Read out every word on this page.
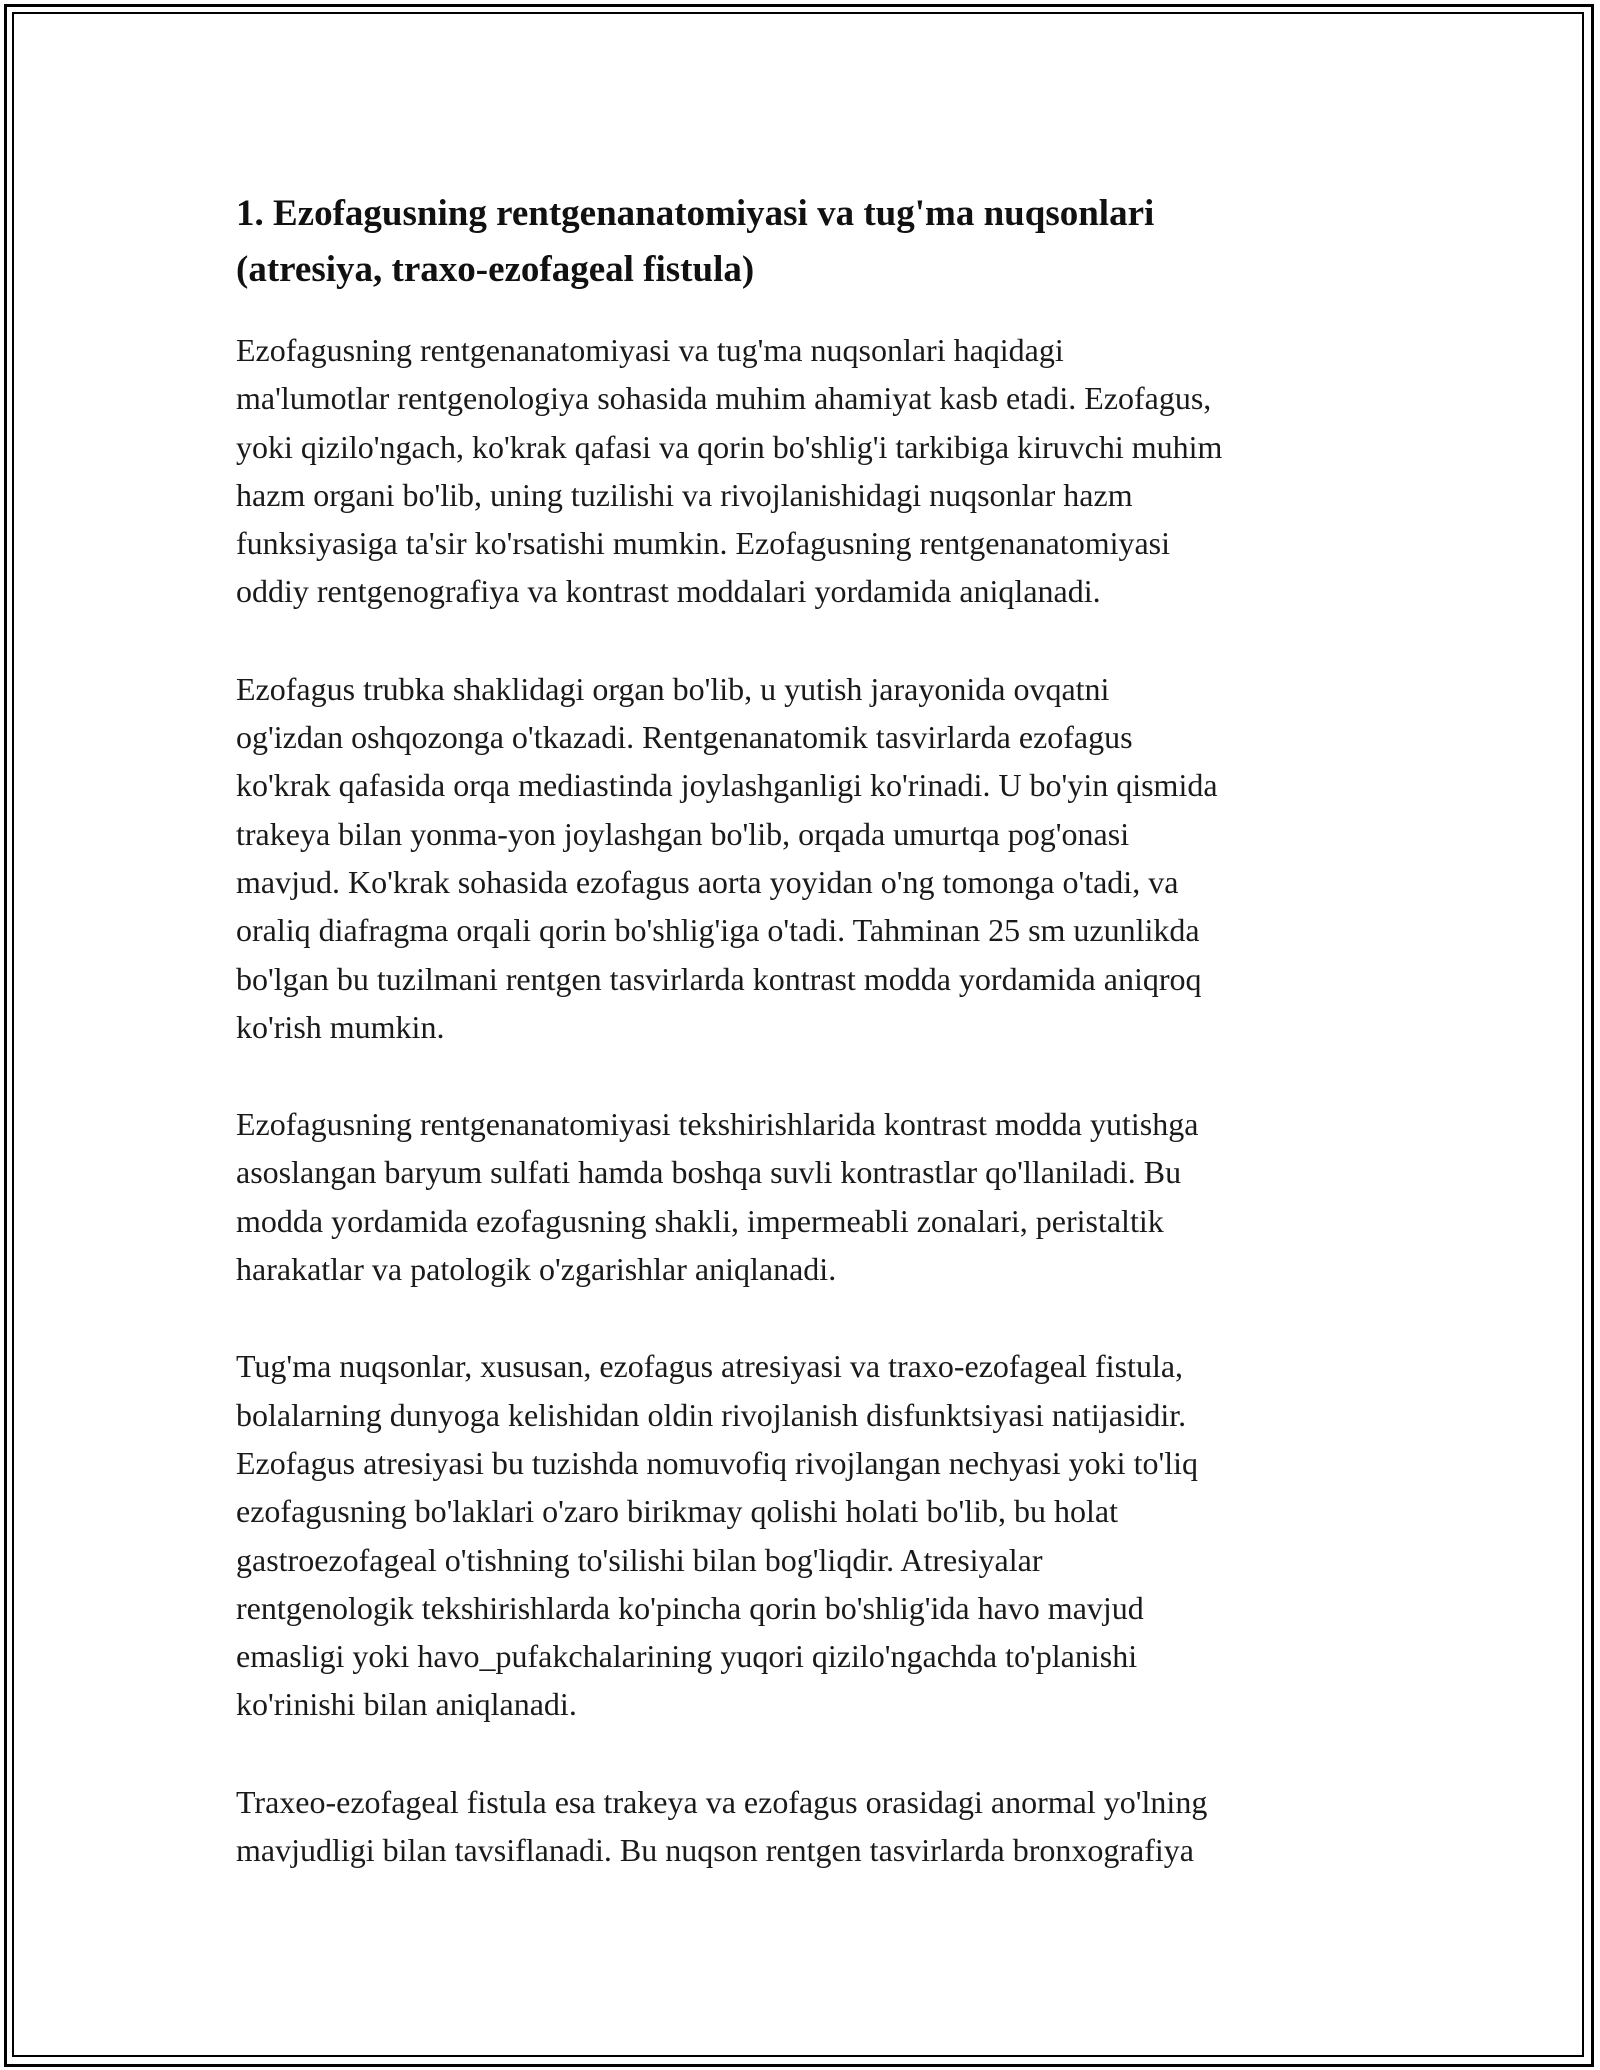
1. Ezofagusning rentgenanatomiyasi va tug'ma nuqsonlari
(atresiya, traxo-ezofageal fistula)

Ezofagusning rentgenanatomiyasi va tug'ma nuqsonlari haqidagi
ma'lumotlar rentgenologiya sohasida muhim ahamiyat kasb etadi. Ezofagus,
yoki qizilo'ngach, ko'krak qafasi va qorin bo'shlig'i tarkibiga kiruvchi muhim
hazm organi bo'lib, uning tuzilishi va rivojlanishidagi nuqsonlar hazm
funksiyasiga ta'sir ko'rsatishi mumkin. Ezofagusning rentgenanatomiyasi
oddiy rentgenografiya va kontrast moddalari yordamida aniqlanadi.

Ezofagus trubka shaklidagi organ bo'lib, u yutish jarayonida ovqatni
og'izdan oshqozonga o'tkazadi. Rentgenanatomik tasvirlarda ezofagus
ko'krak qafasida orqa mediastinda joylashganligi ko'rinadi. U bo'yin qismida
trakeya bilan yonma-yon joylashgan bo'lib, orqada umurtqa pog'onasi
mavjud. Ko'krak sohasida ezofagus aorta yoyidan o'ng tomonga o'tadi, va
oraliq diafragma orqali qorin bo'shlig'iga o'tadi. Tahminan 25 sm uzunlikda
bo'lgan bu tuzilmani rentgen tasvirlarda kontrast modda yordamida aniqroq
ko'rish mumkin.

Ezofagusning rentgenanatomiyasi tekshirishlarida kontrast modda yutishga
asoslangan baryum sulfati hamda boshqa suvli kontrastlar qo'llaniladi. Bu
modda yordamida ezofagusning shakli, impermeabli zonalari, peristaltik
harakatlar va patologik o'zgarishlar aniqlanadi.

Tug'ma nuqsonlar, xususan, ezofagus atresiyasi va traxo-ezofageal fistula,
bolalarning dunyoga kelishidan oldin rivojlanish disfunktsiyasi natijasidir.
Ezofagus atresiyasi bu tuzishda nomuvofiq rivojlangan nechyasi yoki to'liq
ezofagusning bo'laklari o'zaro birikmay qolishi holati bo'lib, bu holat
gastroezofageal o'tishning to'silishi bilan bog'liqdir. Atresiyalar
rentgenologik tekshirishlarda ko'pincha qorin bo'shlig'ida havo mavjud
emasligi yoki havo_pufakchalarining yuqori qizilo'ngachda to'planishi
ko'rinishi bilan aniqlanadi.

Traxeo-ezofageal fistula esa trakeya va ezofagus orasidagi anormal yo'lning
mavjudligi bilan tavsiflanadi. Bu nuqson rentgen tasvirlarda bronxografiya
